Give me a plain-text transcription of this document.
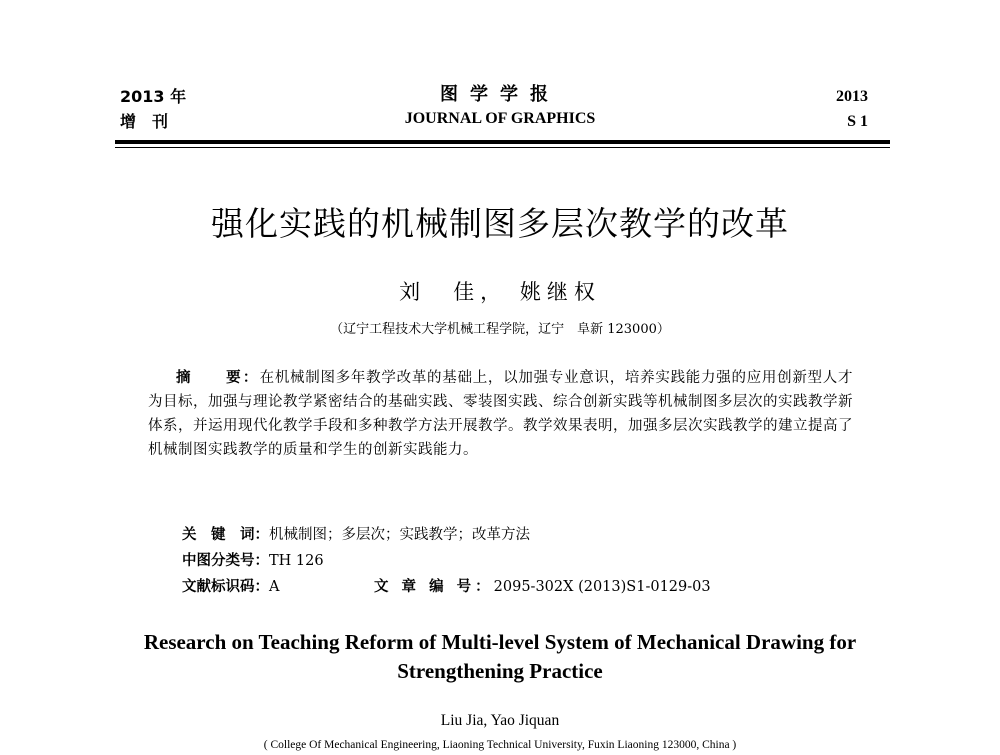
2013 年
增　刊
图学学报
JOURNAL OF GRAPHICS
2013
S 1
强化实践的机械制图多层次教学的改革
刘　佳， 姚继权
（辽宁工程技术大学机械工程学院，辽宁　阜新 123000）
摘　　要：在机械制图多年教学改革的基础上，以加强专业意识，培养实践能力强的应用创新型人才为目标，加强与理论教学紧密结合的基础实践、零装图实践、综合创新实践等机械制图多层次的实践教学新体系，并运用现代化教学手段和多种教学方法开展教学。教学效果表明，加强多层次实践教学的建立提高了机械制图实践教学的质量和学生的创新实践能力。
关　键　词：机械制图；多层次；实践教学；改革方法
中图分类号：TH 126
文献标识码：A	文 章 编 号：2095-302X (2013)S1-0129-03
Research on Teaching Reform of Multi-level System of Mechanical Drawing for
Strengthening Practice
Liu Jia, Yao Jiquan
( College Of Mechanical Engineering, Liaoning Technical University, Fuxin Liaoning 123000, China )
